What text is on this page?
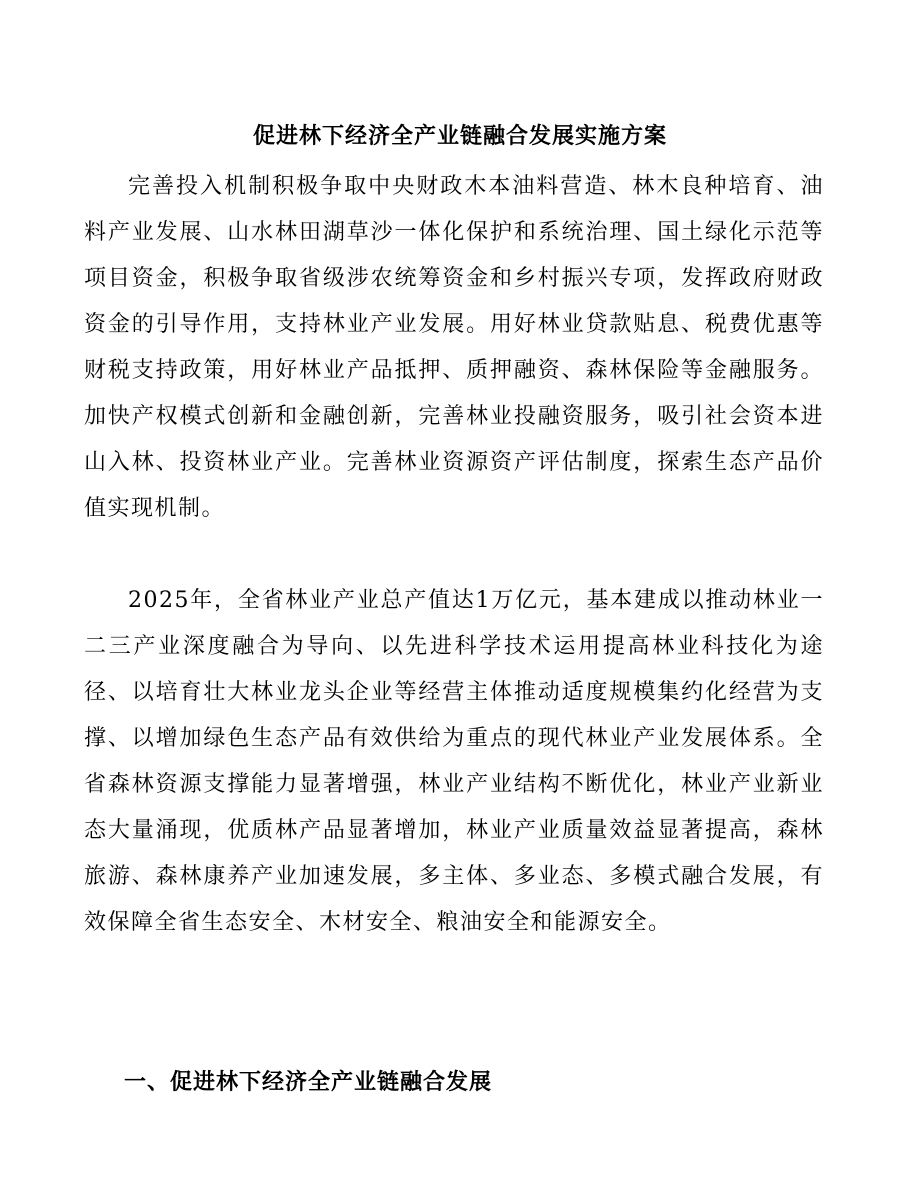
促进林下经济全产业链融合发展实施方案

完善投入机制积极争取中央财政木本油料营造、林木良种培育、油料产业发展、山水林田湖草沙一体化保护和系统治理、国土绿化示范等项目资金，积极争取省级涉农统筹资金和乡村振兴专项，发挥政府财政资金的引导作用，支持林业产业发展。用好林业贷款贴息、税费优惠等财税支持政策，用好林业产品抵押、质押融资、森林保险等金融服务。加快产权模式创新和金融创新，完善林业投融资服务，吸引社会资本进山入林、投资林业产业。完善林业资源资产评估制度，探索生态产品价值实现机制。

2025年，全省林业产业总产值达1万亿元，基本建成以推动林业一二三产业深度融合为导向、以先进科学技术运用提高林业科技化为途径、以培育壮大林业龙头企业等经营主体推动适度规模集约化经营为支撑、以增加绿色生态产品有效供给为重点的现代林业产业发展体系。全省森林资源支撑能力显著增强，林业产业结构不断优化，林业产业新业态大量涌现，优质林产品显著增加，林业产业质量效益显著提高，森林旅游、森林康养产业加速发展，多主体、多业态、多模式融合发展，有效保障全省生态安全、木材安全、粮油安全和能源安全。

一、促进林下经济全产业链融合发展
